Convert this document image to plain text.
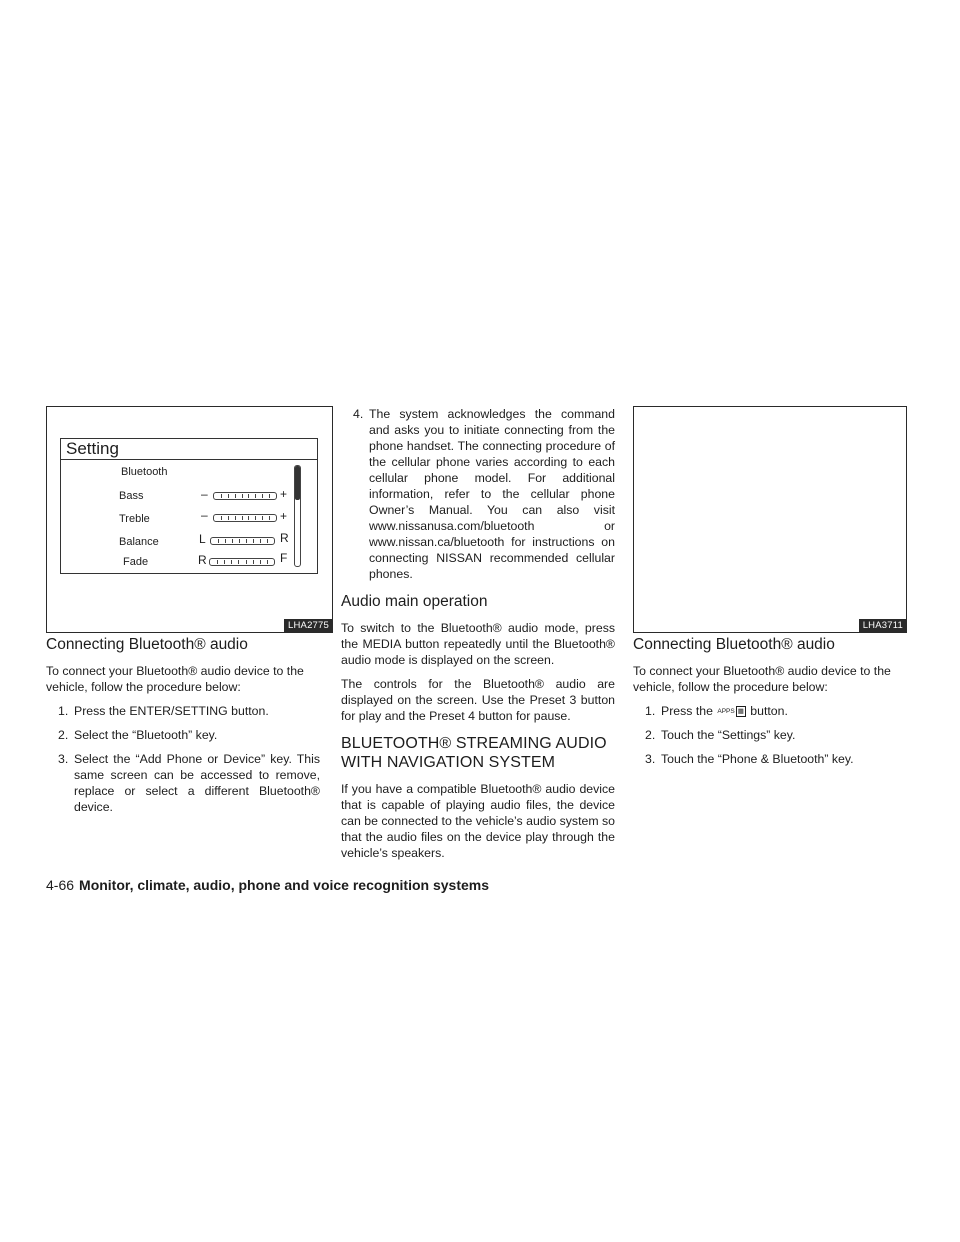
Setting
Bluetooth
Bass	–	+
Treble	–	+
Balance	L	R
Fade	R	F
LHA2775
Connecting Bluetooth® audio

To connect your Bluetooth® audio device to the vehicle, follow the procedure below:

1. Press the ENTER/SETTING button.
2. Select the “Bluetooth” key.
3. Select the “Add Phone or Device” key. This same screen can be accessed to remove, replace or select a different Bluetooth® device.
4. The system acknowledges the command and asks you to initiate connecting from the phone handset. The connecting procedure of the cellular phone varies according to each cellular phone model. For additional information, refer to the cellular phone Owner’s Manual. You can also visit www.nissanusa.com/bluetooth or www.nissan.ca/bluetooth for instructions on connecting NISSAN recommended cellular phones.
Audio main operation

To switch to the Bluetooth® audio mode, press the MEDIA button repeatedly until the Bluetooth® audio mode is displayed on the screen.

The controls for the Bluetooth® audio are displayed on the screen. Use the Preset 3 button for play and the Preset 4 button for pause.

BLUETOOTH® STREAMING AUDIO
WITH NAVIGATION SYSTEM

If you have a compatible Bluetooth® audio device that is capable of playing audio files, the device can be connected to the vehicle’s audio system so that the audio files on the device play through the vehicle’s speakers.

LHA3711
Connecting Bluetooth® audio

To connect your Bluetooth® audio device to the vehicle, follow the procedure below:

1. Press the APPS ▦ button.
2. Touch the “Settings” key.
3. Touch the “Phone & Bluetooth” key.
4-66 Monitor, climate, audio, phone and voice recognition systems
